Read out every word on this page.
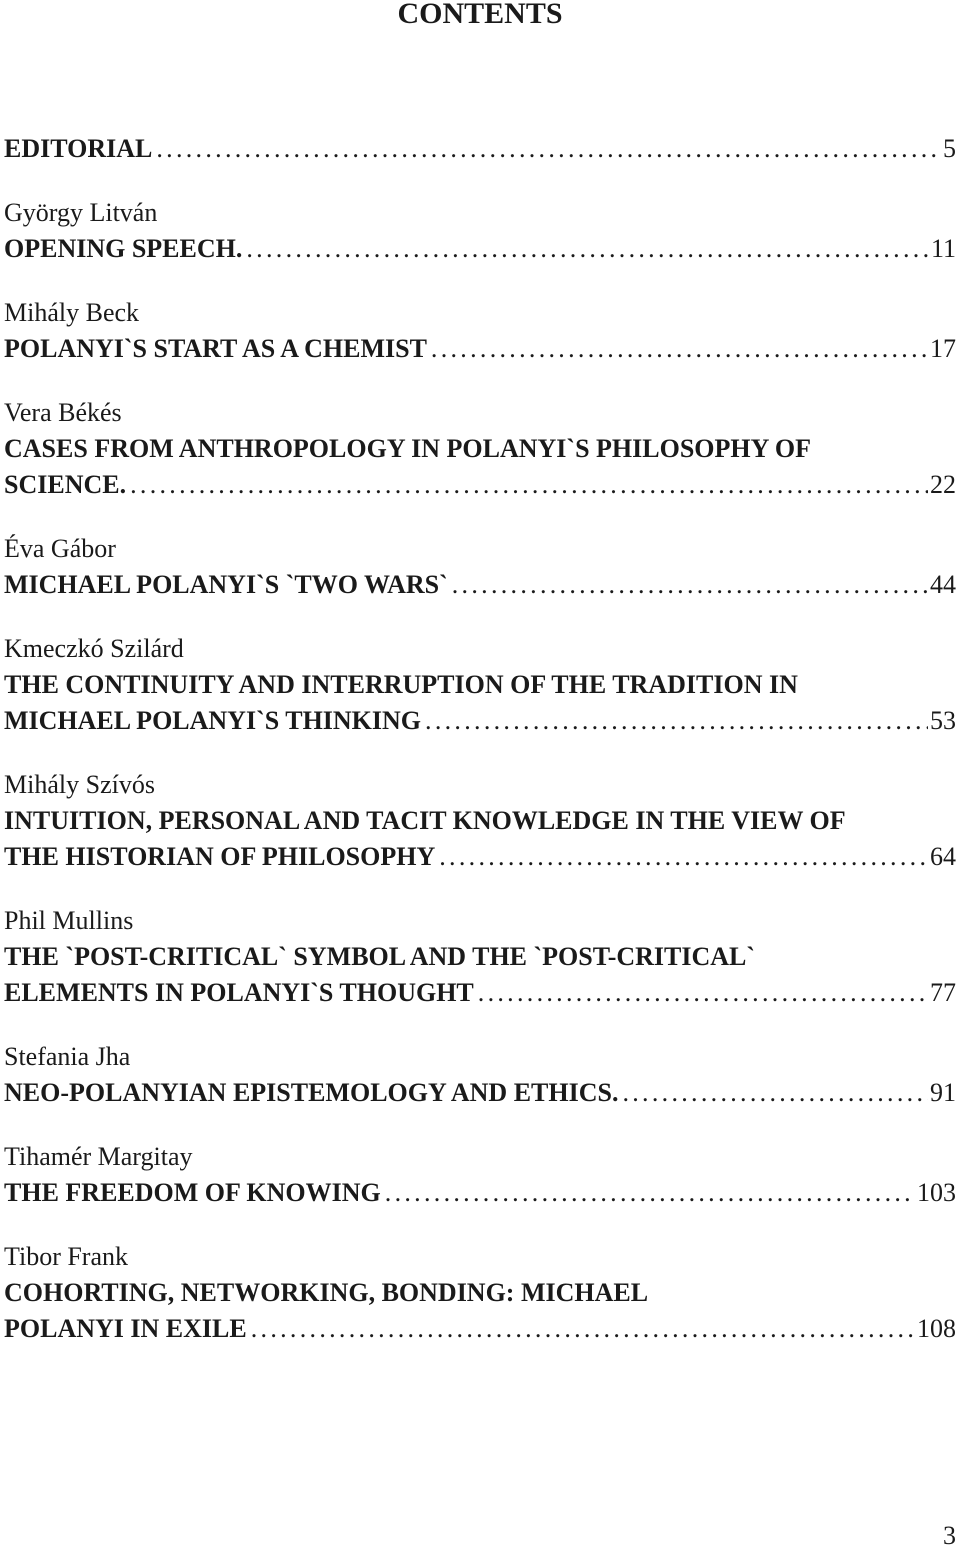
CONTENTS
EDITORIAL .....	5
György Litván
OPENING SPEECH. .....	11
Mihály Beck
POLANYI`S START AS A CHEMIST .....	17
Vera Békés
CASES FROM ANTHROPOLOGY IN POLANYI`S PHILOSOPHY OF
SCIENCE. .....	22
Éva Gábor
MICHAEL POLANYI`S `TWO WARS` .....	44
Kmeczkó Szilárd
THE CONTINUITY AND INTERRUPTION OF THE TRADITION IN
MICHAEL POLANYI`S THINKING .....	53
Mihály Szívós
INTUITION, PERSONAL AND TACIT KNOWLEDGE IN THE VIEW OF
THE HISTORIAN OF PHILOSOPHY .....	64
Phil Mullins
THE `POST-CRITICAL` SYMBOL AND THE `POST-CRITICAL`
ELEMENTS IN POLANYI`S THOUGHT .....	77
Stefania Jha
NEO-POLANYIAN EPISTEMOLOGY AND ETHICS. .....	91
Tihamér Margitay
THE FREEDOM OF KNOWING .....	103
Tibor Frank
COHORTING, NETWORKING, BONDING: MICHAEL
POLANYI IN EXILE .....	108
3
